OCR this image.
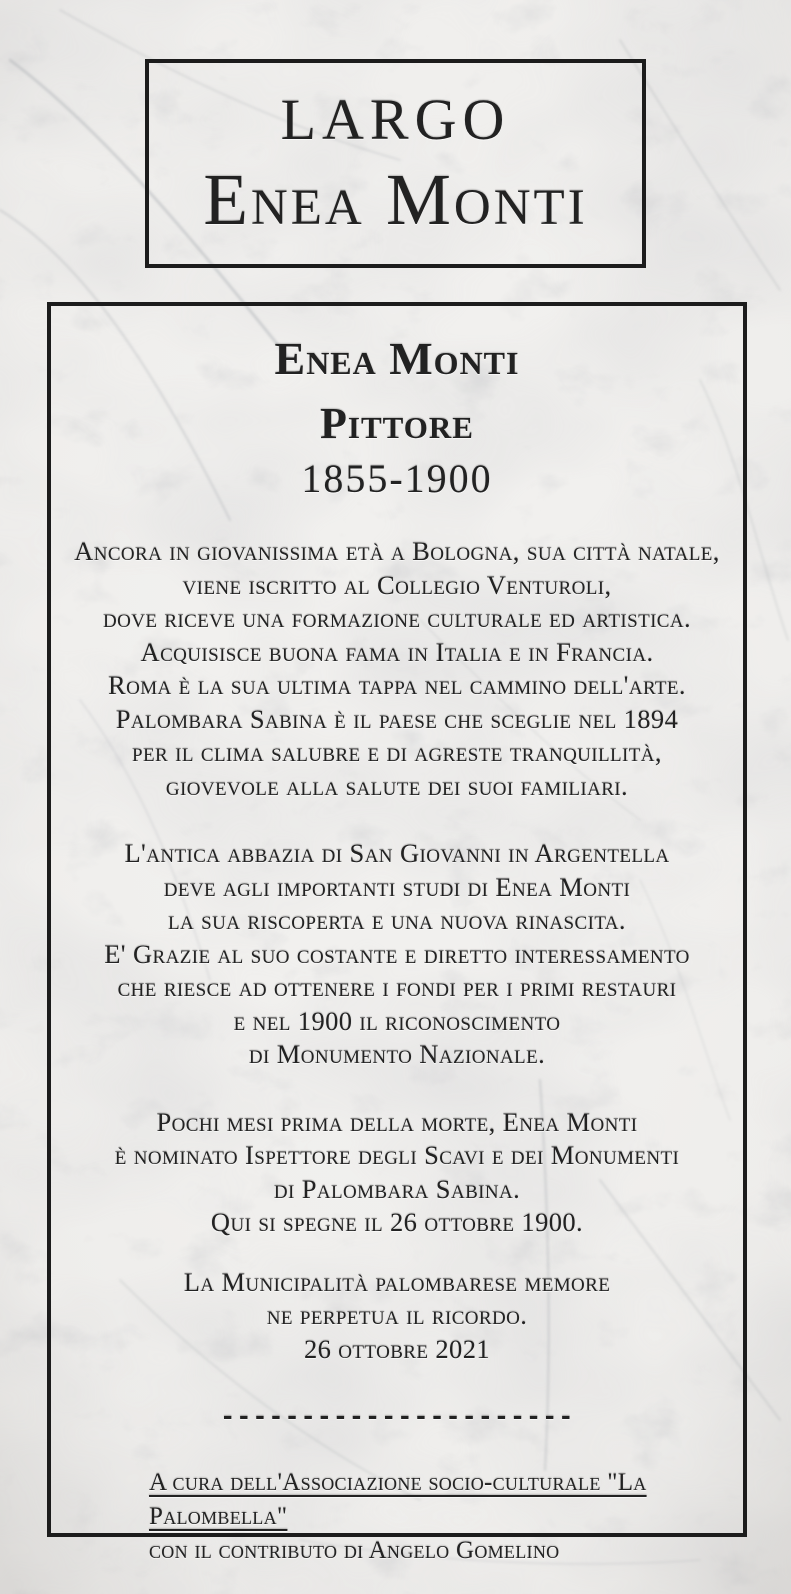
LARGO
Enea Monti
Enea Monti
Pittore
1855-1900
Ancora in giovanissima età a Bologna, sua città natale,
viene iscritto al Collegio Venturoli,
dove riceve una formazione culturale ed artistica.
Acquisisce buona fama in Italia e in Francia.
Roma è la sua ultima tappa nel cammino dell'arte.
Palombara Sabina è il paese che sceglie nel 1894
per il clima salubre e di agreste tranquillità,
giovevole alla salute dei suoi familiari.
L'antica abbazia di San Giovanni in Argentella
deve agli importanti studi di Enea Monti
la sua riscoperta e una nuova rinascita.
E' Grazie al suo costante e diretto interessamento
che riesce ad ottenere i fondi per i primi restauri
e nel 1900 il riconoscimento
di Monumento Nazionale.
Pochi mesi prima della morte, Enea Monti
è nominato Ispettore degli Scavi e dei Monumenti
di Palombara Sabina.
Qui si spegne il 26 ottobre 1900.
La Municipalità palombarese memore
ne perpetua il ricordo.
26 ottobre 2021
----------------------
A cura dell'Associazione socio-culturale "La Palombella"
con il contributo di Angelo Gomelino
